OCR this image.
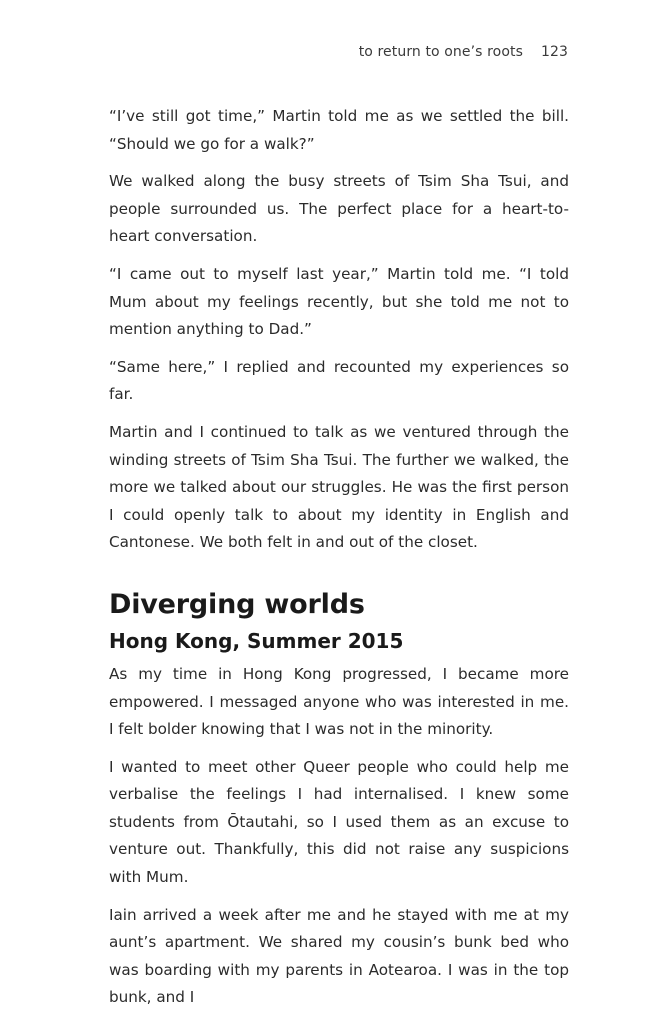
to return to one’s roots 123

“I’ve still got time,” Martin told me as we settled the bill. “Should we go for a walk?”

We walked along the busy streets of Tsim Sha Tsui, and people surrounded us. The perfect place for a heart-to-heart conversation.

“I came out to myself last year,” Martin told me. “I told Mum about my feelings recently, but she told me not to mention anything to Dad.”

“Same here,” I replied and recounted my experiences so far.

Martin and I continued to talk as we ventured through the winding streets of Tsim Sha Tsui. The further we walked, the more we talked about our struggles. He was the first person I could openly talk to about my identity in English and Cantonese. We both felt in and out of the closet.

Diverging worlds
Hong Kong, Summer 2015

As my time in Hong Kong progressed, I became more empowered. I messaged anyone who was interested in me. I felt bolder knowing that I was not in the minority.

I wanted to meet other Queer people who could help me verbalise the feelings I had internalised. I knew some students from Ōtautahi, so I used them as an excuse to venture out. Thankfully, this did not raise any suspicions with Mum.

Iain arrived a week after me and he stayed with me at my aunt’s apartment. We shared my cousin’s bunk bed who was boarding with my parents in Aotearoa. I was in the top bunk, and I
